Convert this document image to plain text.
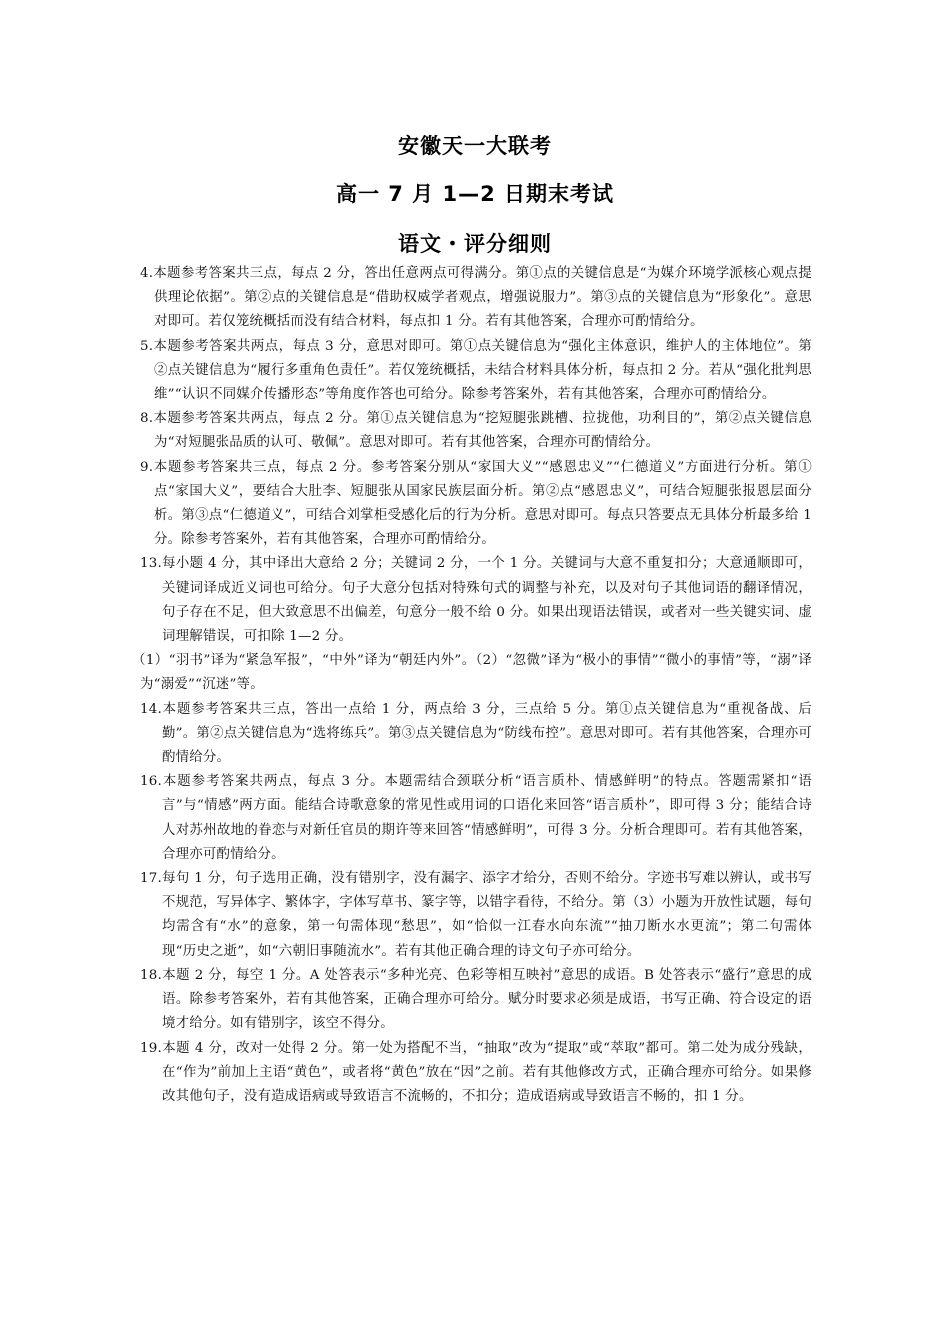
安徽天一大联考
高一 7 月 1—2 日期末考试
语文・评分细则

4.本题参考答案共三点，每点 2 分，答出任意两点可得满分。第①点的关键信息是“为媒介环境学派核心观点提供理论依据”。第②点的关键信息是“借助权威学者观点，增强说服力”。第③点的关键信息为“形象化”。意思对即可。若仅笼统概括而没有结合材料，每点扣 1 分。若有其他答案，合理亦可酌情给分。

5.本题参考答案共两点，每点 3 分，意思对即可。第①点关键信息为“强化主体意识，维护人的主体地位”。第②点关键信息为“履行多重角色责任”。若仅笼统概括，未结合材料具体分析，每点扣 2 分。若从“强化批判思维”“认识不同媒介传播形态”等角度作答也可给分。除参考答案外，若有其他答案，合理亦可酌情给分。

8.本题参考答案共两点，每点 2 分。第①点关键信息为“挖短腿张跳槽、拉拢他，功利目的”，第②点关键信息为“对短腿张品质的认可、敬佩”。意思对即可。若有其他答案，合理亦可酌情给分。

9.本题参考答案共三点，每点 2 分。参考答案分别从“家国大义”“感恩忠义”“仁德道义”方面进行分析。第①点“家国大义”，要结合大肚李、短腿张从国家民族层面分析。第②点“感恩忠义”，可结合短腿张报恩层面分析。第③点“仁德道义”，可结合刘掌柜受感化后的行为分析。意思对即可。每点只答要点无具体分析最多给 1 分。除参考答案外，若有其他答案，合理亦可酌情给分。

13.每小题 4 分，其中译出大意给 2 分；关键词 2 分，一个 1 分。关键词与大意不重复扣分；大意通顺即可，关键词译成近义词也可给分。句子大意分包括对特殊句式的调整与补充，以及对句子其他词语的翻译情况，句子存在不足，但大致意思不出偏差，句意分一般不给 0 分。如果出现语法错误，或者对一些关键实词、虚词理解错误，可扣除 1—2 分。

（1）“羽书”译为“紧急军报”，“中外”译为“朝廷内外”。（2）“忽微”译为“极小的事情”“微小的事情”等，“溺”译为“溺爱”“沉迷”等。

14.本题参考答案共三点，答出一点给 1 分，两点给 3 分，三点给 5 分。第①点关键信息为“重视备战、后勤”。第②点关键信息为“选将练兵”。第③点关键信息为“防线布控”。意思对即可。若有其他答案，合理亦可酌情给分。

16.本题参考答案共两点，每点 3 分。本题需结合颈联分析“语言质朴、情感鲜明”的特点。答题需紧扣“语言”与“情感”两方面。能结合诗歌意象的常见性或用词的口语化来回答“语言质朴”，即可得 3 分；能结合诗人对苏州故地的眷恋与对新任官员的期许等来回答“情感鲜明”，可得 3 分。分析合理即可。若有其他答案，合理亦可酌情给分。

17.每句 1 分，句子选用正确，没有错别字，没有漏字、添字才给分，否则不给分。字迹书写难以辨认，或书写不规范，写异体字、繁体字，字体写草书、篆字等，以错字看待，不给分。第（3）小题为开放性试题，每句均需含有“水”的意象，第一句需体现“愁思”，如“恰似一江春水向东流”“抽刀断水水更流”；第二句需体现“历史之逝”，如“六朝旧事随流水”。若有其他正确合理的诗文句子亦可给分。

18.本题 2 分，每空 1 分。A 处答表示“多种光亮、色彩等相互映衬”意思的成语。B 处答表示“盛行”意思的成语。除参考答案外，若有其他答案，正确合理亦可给分。赋分时要求必须是成语，书写正确、符合设定的语境才给分。如有错别字，该空不得分。

19.本题 4 分，改对一处得 2 分。第一处为搭配不当，“抽取”改为“提取”或“萃取”都可。第二处为成分残缺，在“作为”前加上主语“黄色”，或者将“黄色”放在“因”之前。若有其他修改方式，正确合理亦可给分。如果修改其他句子，没有造成语病或导致语言不流畅的，不扣分；造成语病或导致语言不畅的，扣 1 分。
